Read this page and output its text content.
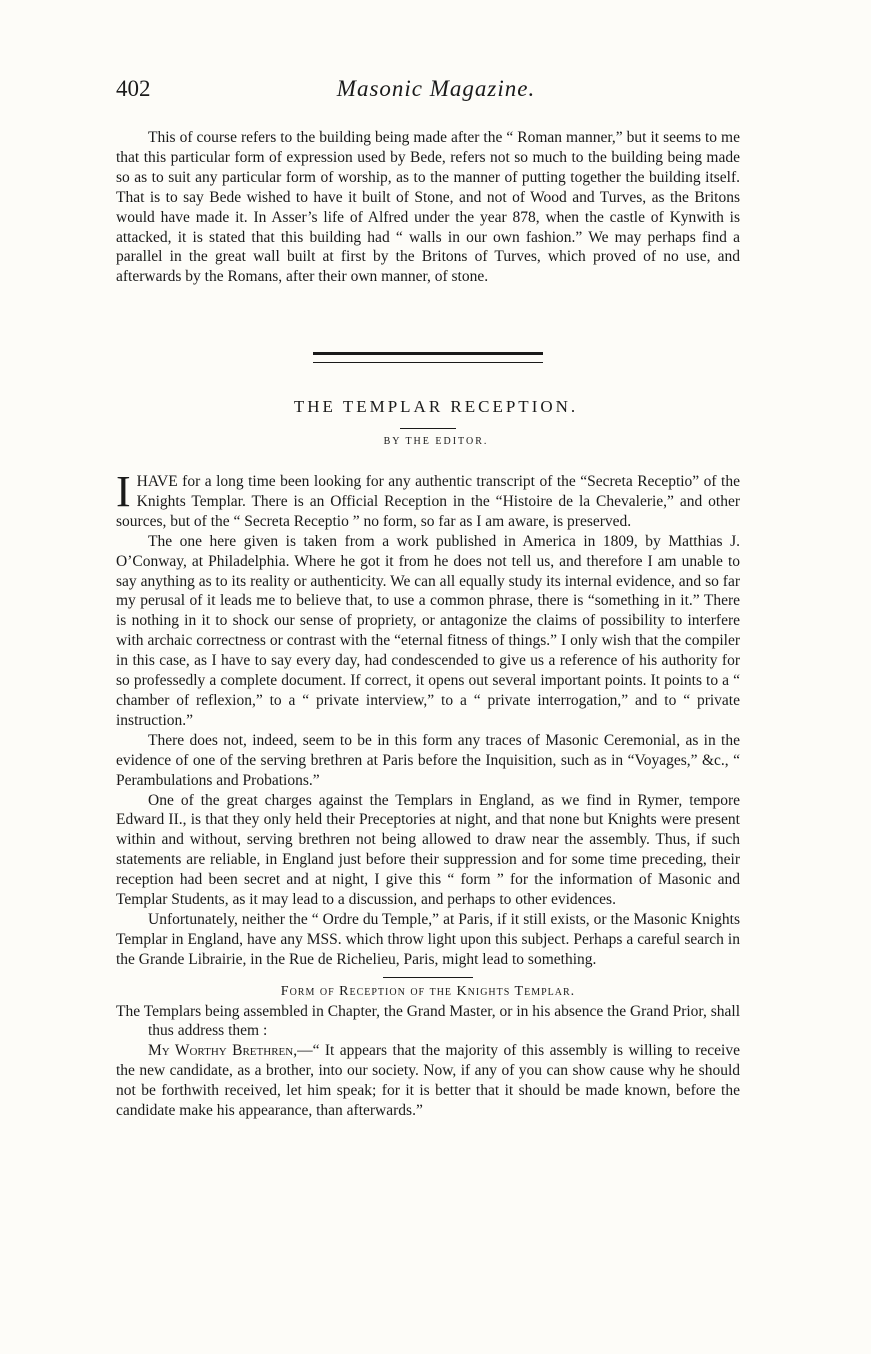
402	Masonic Magazine.

This of course refers to the building being made after the “ Roman manner,” but it seems to me that this particular form of expression used by Bede, refers not so much to the building being made so as to suit any particular form of worship, as to the manner of putting together the building itself. That is to say Bede wished to have it built of Stone, and not of Wood and Turves, as the Britons would have made it. In Asser’s life of Alfred under the year 878, when the castle of Kynwith is attacked, it is stated that this building had “ walls in our own fashion.” We may perhaps find a parallel in the great wall built at first by the Britons of Turves, which proved of no use, and afterwards by the Romans, after their own manner, of stone.

THE TEMPLAR RECEPTION.
BY THE EDITOR.

IHAVE for a long time been looking for any authentic transcript of the “Secreta Receptio” of the Knights Templar. There is an Official Reception in the “Histoire de la Chevalerie,” and other sources, but of the “ Secreta Receptio ” no form, so far as I am aware, is preserved.

The one here given is taken from a work published in America in 1809, by Matthias J. O’Conway, at Philadelphia. Where he got it from he does not tell us, and therefore I am unable to say anything as to its reality or authenticity. We can all equally study its internal evidence, and so far my perusal of it leads me to believe that, to use a common phrase, there is “something in it.” There is nothing in it to shock our sense of propriety, or antagonize the claims of possibility to interfere with archaic correctness or contrast with the “eternal fitness of things.” I only wish that the compiler in this case, as I have to say every day, had condescended to give us a reference of his authority for so professedly a complete document. If correct, it opens out several important points. It points to a “ chamber of reflexion,” to a “ private interview,” to a “ private interrogation,” and to “ private instruction.”

There does not, indeed, seem to be in this form any traces of Masonic Ceremonial, as in the evidence of one of the serving brethren at Paris before the Inquisition, such as in “Voyages,” &c., “ Perambulations and Probations.”

One of the great charges against the Templars in England, as we find in Rymer, tempore Edward II., is that they only held their Preceptories at night, and that none but Knights were present within and without, serving brethren not being allowed to draw near the assembly. Thus, if such statements are reliable, in England just before their suppression and for some time preceding, their reception had been secret and at night, I give this “ form ” for the information of Masonic and Templar Students, as it may lead to a discussion, and perhaps to other evidences.

Unfortunately, neither the “ Ordre du Temple,” at Paris, if it still exists, or the Masonic Knights Templar in England, have any MSS. which throw light upon this subject. Perhaps a careful search in the Grande Librairie, in the Rue de Richelieu, Paris, might lead to something.

Form of Reception of the Knights Templar.

The Templars being assembled in Chapter, the Grand Master, or in his absence the Grand Prior, shall thus address them :

My Worthy Brethren,—“ It appears that the majority of this assembly is willing to receive the new candidate, as a brother, into our society. Now, if any of you can show cause why he should not be forthwith received, let him speak; for it is better that it should be made known, before the candidate make his appearance, than afterwards.”
